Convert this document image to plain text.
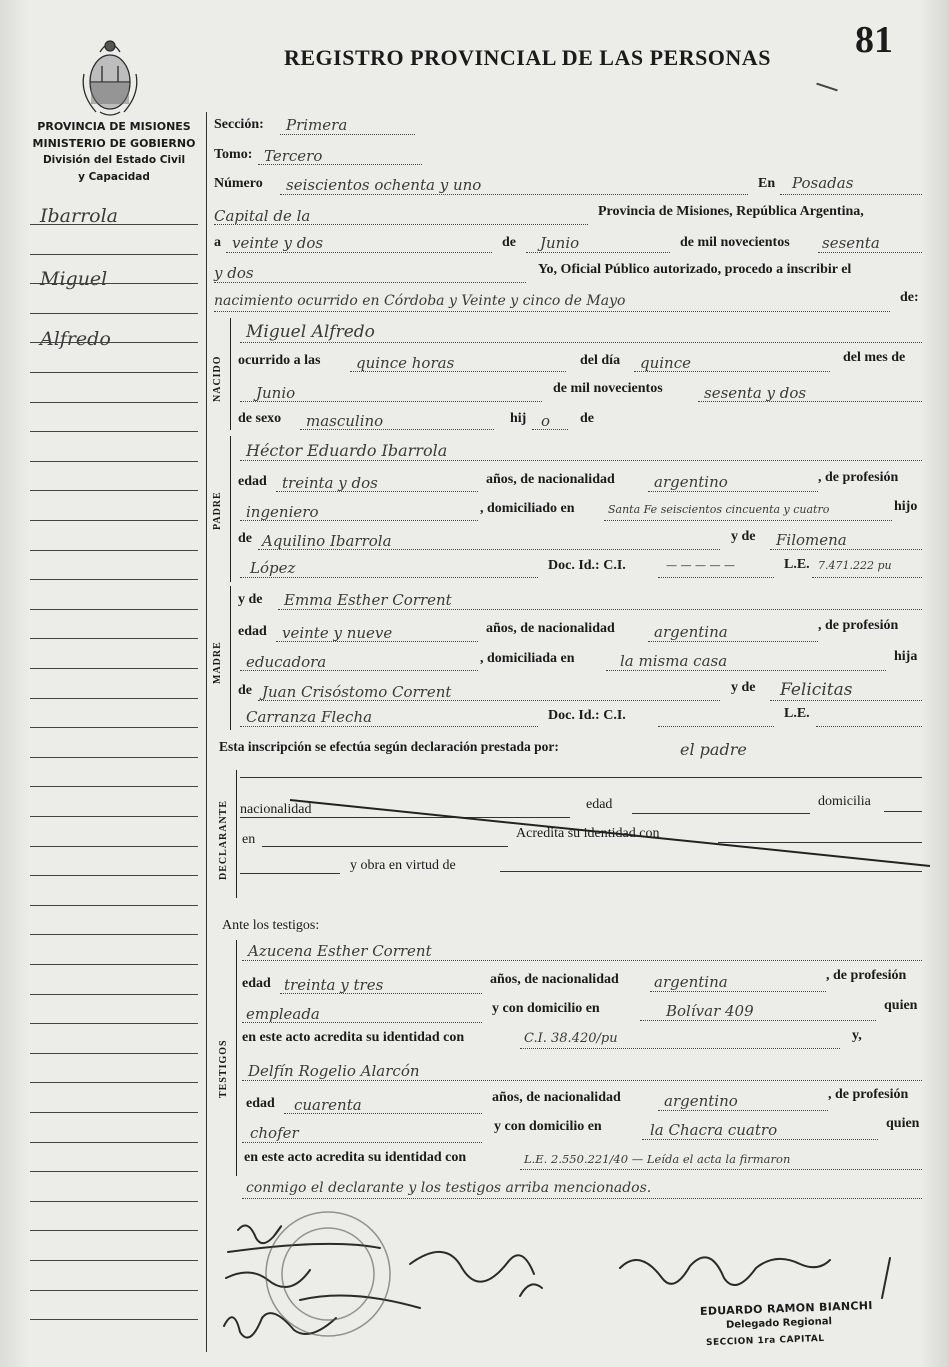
REGISTRO PROVINCIAL DE LAS PERSONAS 81
PROVINCIA DE MISIONES
MINISTERIO DE GOBIERNO
División del Estado Civil
y Capacidad
Ibarrola
Miguel
Alfredo
Sección: Primera
Tomo: Tercero
Número seiscientos ochenta y uno	En Posadas
Capital de la	Provincia de Misiones, República Argentina,
a veinte y dos	de Junio	de mil novecientos sesenta
y dos	Yo, Oficial Público autorizado, procedo a inscribir el
nacimiento ocurrido en Córdoba y Veinte y cinco de Mayo	de:
NACIDO
Miguel Alfredo
ocurrido a las quince horas	del día quince	del mes de
Junio	de mil novecientos	sesenta y dos
de sexo masculino	hij o de
PADRE
Héctor Eduardo Ibarrola
edad treinta y dos	años, de nacionalidad	argentino	, de profesión
ingeniero	, domiciliado en	Santa Fe seiscientos cincuenta y cuatro	hijo
de Aquilino Ibarrola	y de Filomena
López	Doc. Id.: C.I.	— — — — —	L.E. 7.471.222 pu
MADRE
y de Emma Esther Corrent
edad veinte y nueve	años, de nacionalidad	argentina	, de profesión
educadora	, domiciliada en	la misma casa	hija
de Juan Crisóstomo Corrent	y de Felicitas
Carranza Flecha	Doc. Id.: C.I.	L.E.
Esta inscripción se efectúa según declaración prestada por:	el padre
DECLARANTE nacionalidad	edad	domicilia
en	Acredita su identidad con
y obra en virtud de
Ante los testigos:
TESTIGOS
Azucena Esther Corrent
edad treinta y tres	años, de nacionalidad argentina	, de profesión
empleada	y con domicilio en	Bolívar 409	quien
en este acto acredita su identidad con	C.I. 38.420/pu	y,
Delfín Rogelio Alarcón
edad cuarenta	años, de nacionalidad	argentino	, de profesión
chofer	y con domicilio en	la Chacra cuatro	quien
en este acto acredita su identidad con	L.E. 2.550.221/40 — Leída el acta la firmaron
conmigo el declarante y los testigos arriba mencionados.
EDUARDO RAMON BIANCHI
Delegado Regional
SECCION 1ra CAPITAL
